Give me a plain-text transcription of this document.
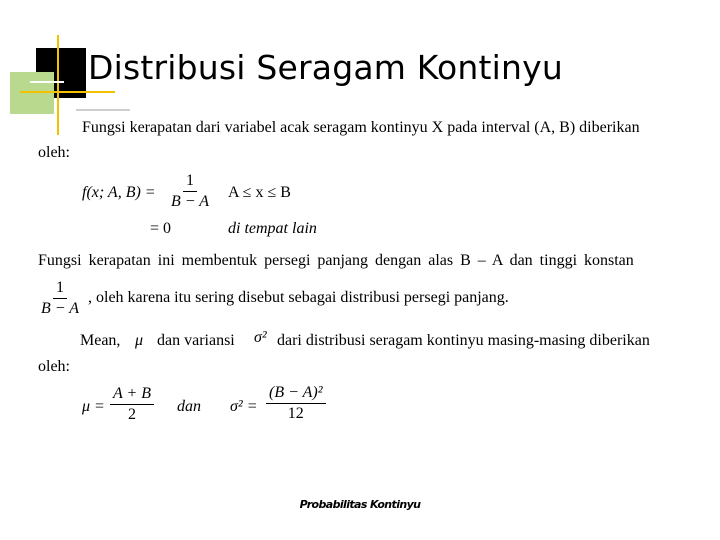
Distribusi Seragam Kontinyu
Fungsi kerapatan dari variabel acak seragam kontinyu X pada interval (A, B) diberikan
oleh:
f(x; A, $B) = \frac{1}{B - A}$ A ≤ x ≤ B
= 0	di tempat lain
Fungsi kerapatan ini membentuk persegi panjang dengan alas B – A dan tinggi konstan
$\frac{1}{B - A}$ , oleh karena itu sering disebut sebagai distribusi persegi panjang.
Mean, μ dan variansi σ² dari distribusi seragam kontinyu masing-masing diberikan
oleh:
$\mu = \frac{A + B}{2}$ dan $\sigma^2 = \frac{\text{(B − A)²}}{12}$
Probabilitas Kontinyu
